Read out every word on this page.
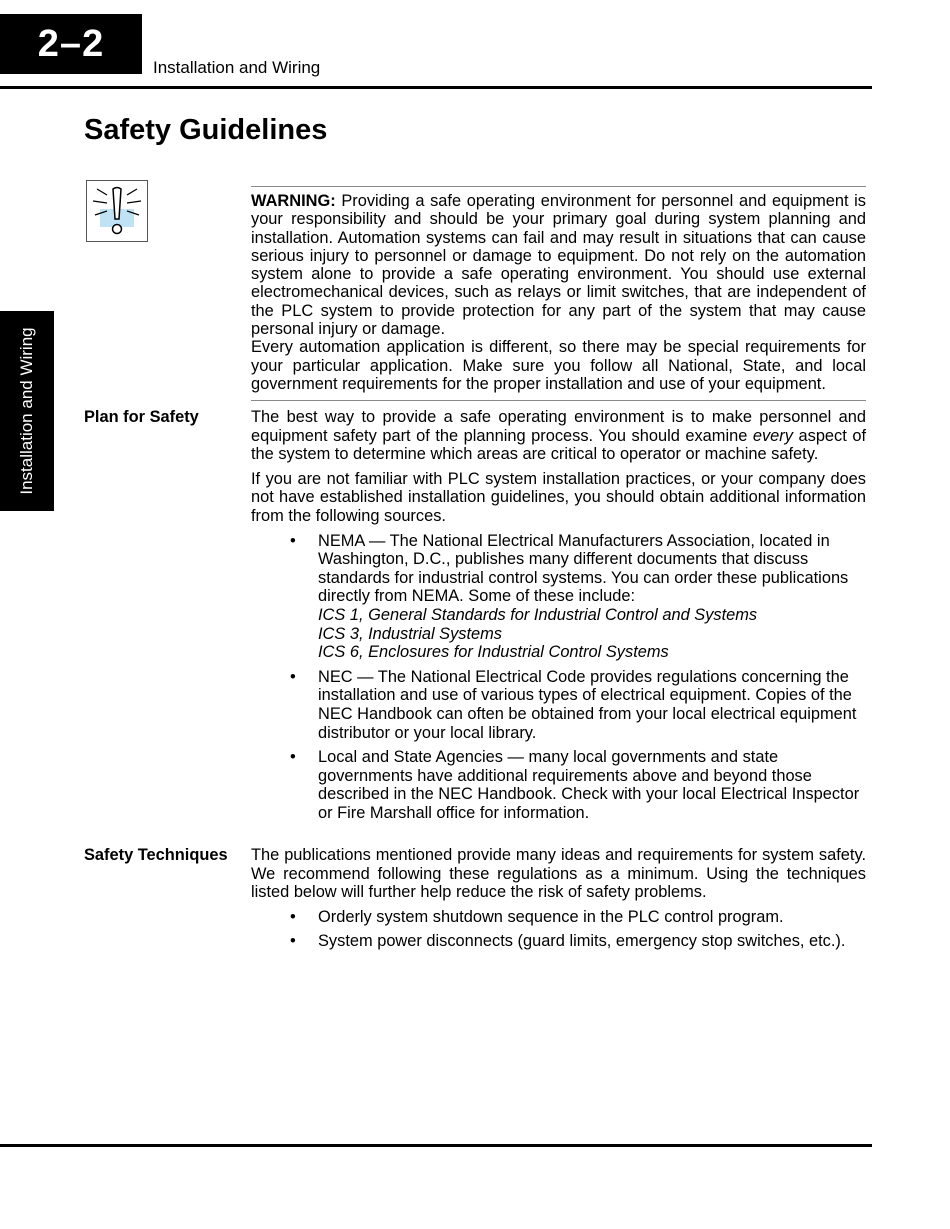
2–2
Installation and Wiring
Installation and Wiring
Safety Guidelines

WARNING: Providing a safe operating environment for personnel and equipment is your responsibility and should be your primary goal during system planning and installation. Automation systems can fail and may result in situations that can cause serious injury to personnel or damage to equipment. Do not rely on the automation system alone to provide a safe operating environment. You should use external electromechanical devices, such as relays or limit switches, that are independent of the PLC system to provide protection for any part of the system that may cause personal injury or damage.

Every automation application is different, so there may be special requirements for your particular application. Make sure you follow all National, State, and local government requirements for the proper installation and use of your equipment.

Plan for Safety	The best way to provide a safe operating environment is to make personnel and equipment safety part of the planning process. You should examine every aspect of the system to determine which areas are critical to operator or machine safety.

If you are not familiar with PLC system installation practices, or your company does not have established installation guidelines, you should obtain additional information from the following sources.

• NEMA — The National Electrical Manufacturers Association, located in Washington, D.C., publishes many different documents that discuss standards for industrial control systems. You can order these publications directly from NEMA. Some of these include:
ICS 1, General Standards for Industrial Control and Systems
ICS 3, Industrial Systems
ICS 6, Enclosures for Industrial Control Systems
• NEC — The National Electrical Code provides regulations concerning the installation and use of various types of electrical equipment. Copies of the NEC Handbook can often be obtained from your local electrical equipment distributor or your local library.
• Local and State Agencies — many local governments and state governments have additional requirements above and beyond those described in the NEC Handbook. Check with your local Electrical Inspector or Fire Marshall office for information.
Safety Techniques The publications mentioned provide many ideas and requirements for system safety. We recommend following these regulations as a minimum. Using the techniques listed below will further help reduce the risk of safety problems.

• Orderly system shutdown sequence in the PLC control program.
• System power disconnects (guard limits, emergency stop switches, etc.).
